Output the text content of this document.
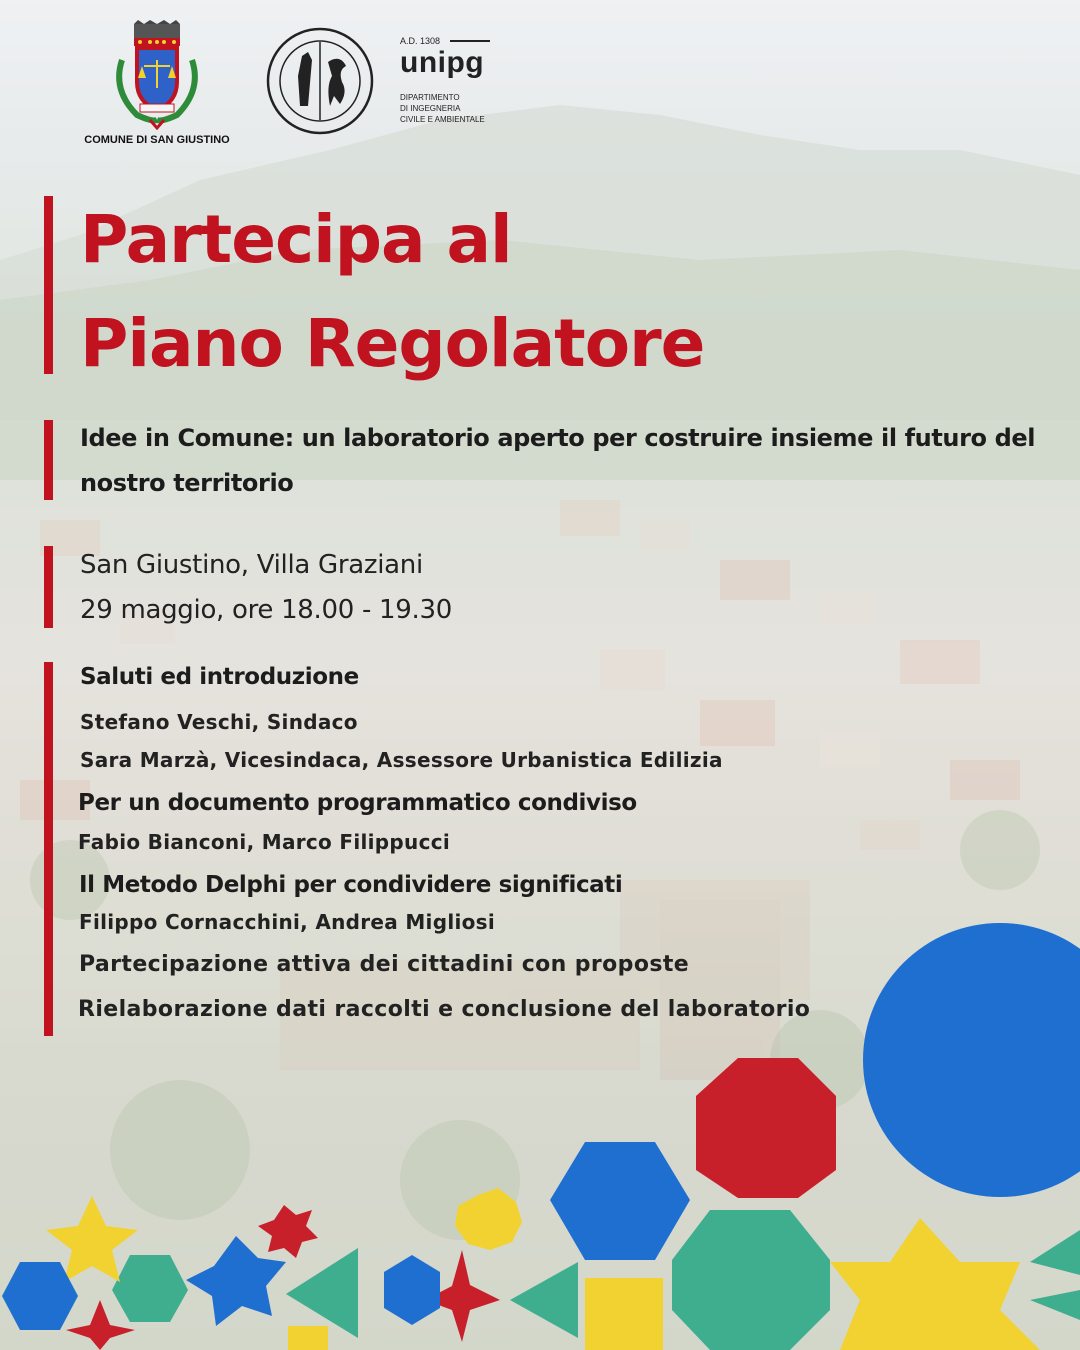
COMUNE DI SAN GIUSTINO
A.D. 1308
unipg
DIPARTIMENTO
DI INGEGNERIA
CIVILE E AMBIENTALE
Partecipa al
Piano Regolatore

Idee in Comune: un laboratorio aperto per costruire insieme il futuro del nostro territorio

San Giustino, Villa Graziani
29 maggio, ore 18.00 - 19.30
Saluti ed introduzione
Stefano Veschi, Sindaco
Sara Marzà, Vicesindaca, Assessore Urbanistica Edilizia
Per un documento programmatico condiviso
Fabio Bianconi, Marco Filippucci
Il Metodo Delphi per condividere significati
Filippo Cornacchini, Andrea Migliosi
Partecipazione attiva dei cittadini con proposte
Rielaborazione dati raccolti e conclusione del laboratorio
